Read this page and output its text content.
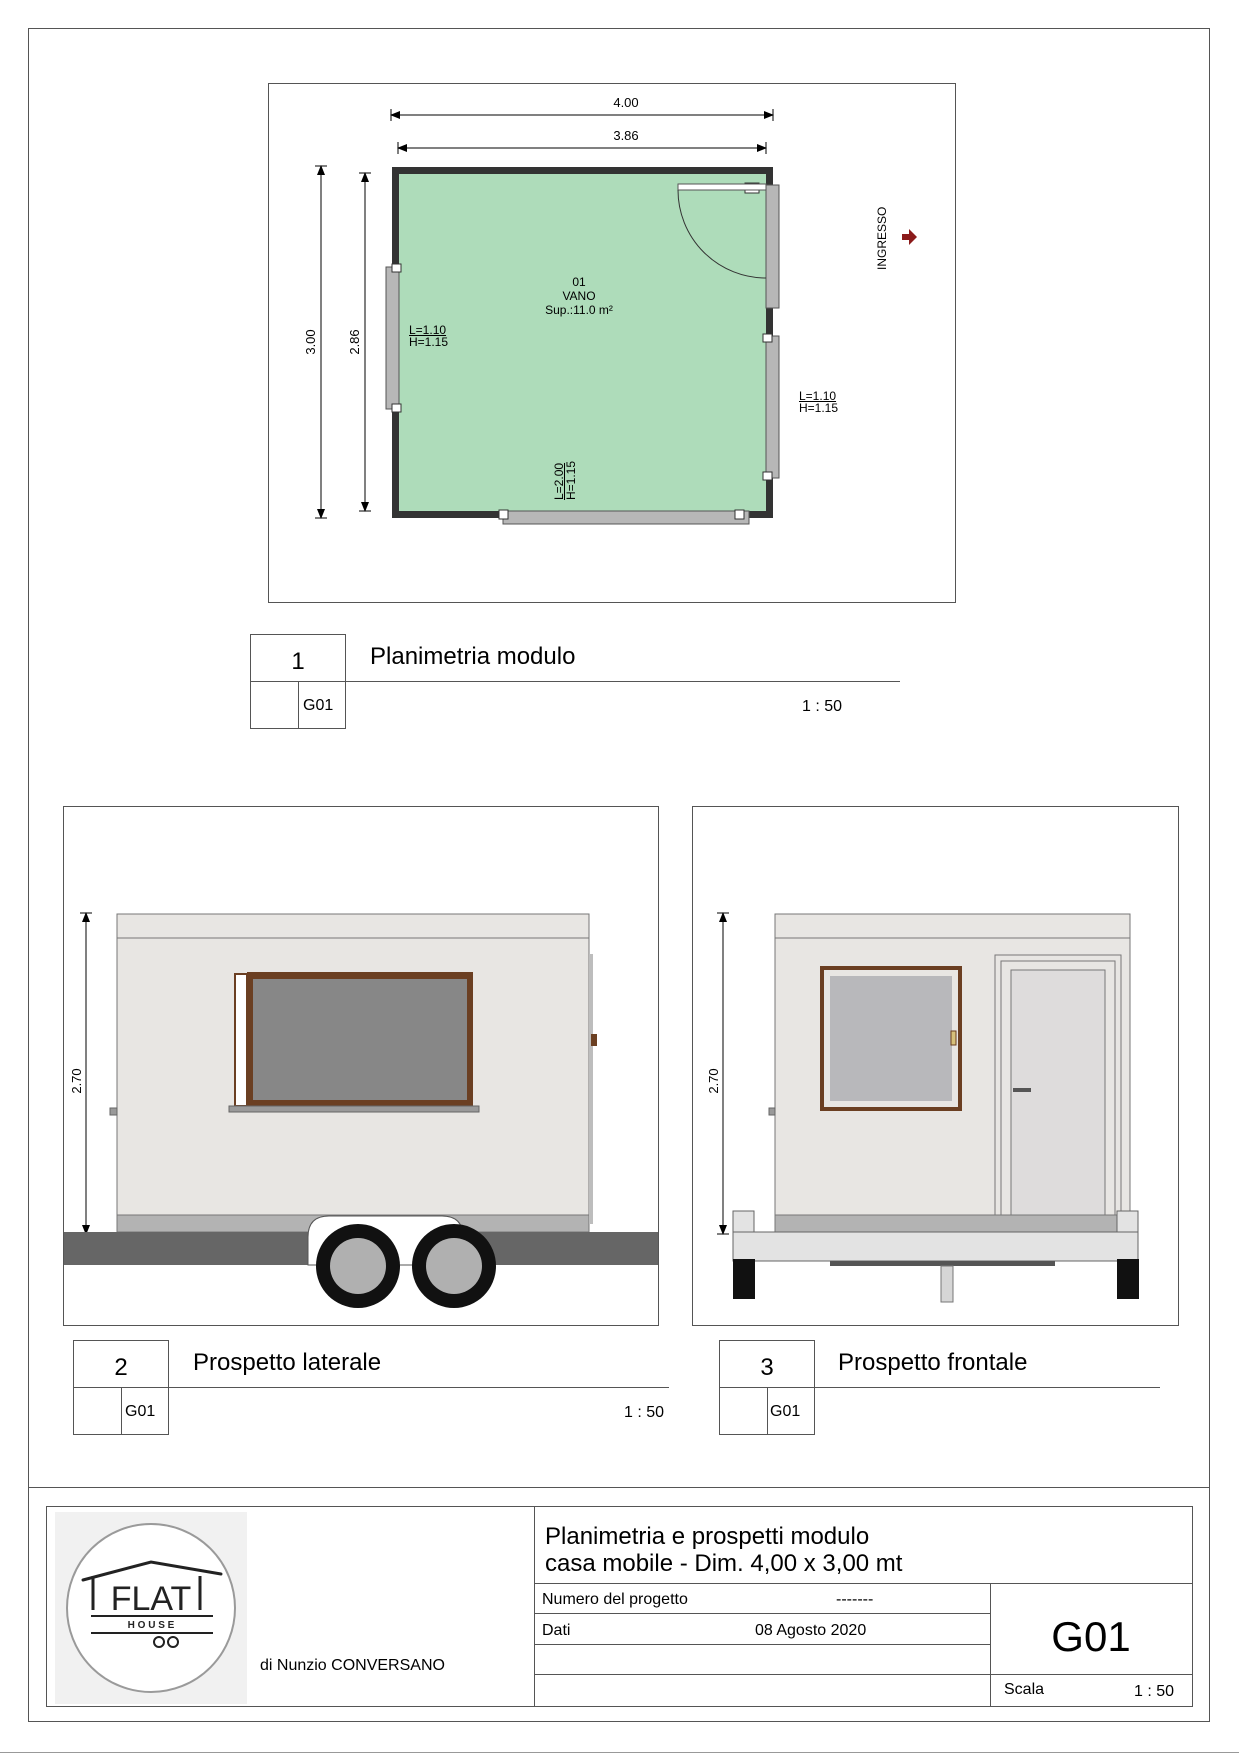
4.00
3.86
3.00 2.86
INGRESSO
01
VANO
Sup.:11.0 m²
L=1.10
H=1.15
L=1.10
H=1.15
L=2.00
H=1.15
1
G01
Planimetria modulo
1 : 50
2.70
2
G01
Prospetto laterale
1 : 50
2.70
3
G01
Prospetto frontale
FLAT
H O U S E
di Nunzio CONVERSANO
Planimetria e prospetti modulo
casa mobile - Dim. 4,00 x 3,00 mt
Numero del progetto	-------
Dati	08 Agosto 2020	G01
Scala	1 : 50
